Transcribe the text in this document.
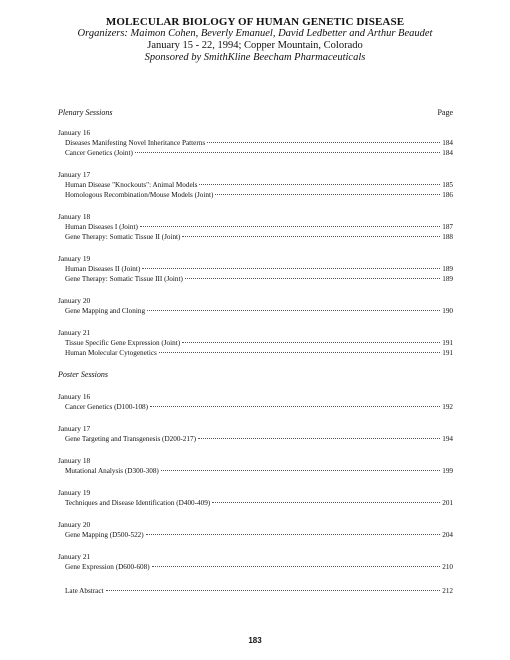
MOLECULAR BIOLOGY OF HUMAN GENETIC DISEASE
Organizers: Maimon Cohen, Beverly Emanuel, David Ledbetter and Arthur Beaudet
January 15 - 22, 1994; Copper Mountain, Colorado
Sponsored by SmithKline Beecham Pharmaceuticals
Plenary Sessions	Page
January 16
Diseases Manifesting Novel Inheritance Patterns	184
Cancer Genetics (Joint)	184
January 17
Human Disease "Knockouts": Animal Models	185
Homologous Recombination/Mouse Models (Joint)	186
January 18
Human Diseases I (Joint)	187
Gene Therapy: Somatic Tissue II (Joint)	188
January 19
Human Diseases II (Joint)	189
Gene Therapy: Somatic Tissue III (Joint)	189
January 20
Gene Mapping and Cloning	190
January 21
Tissue Specific Gene Expression (Joint)	191
Human Molecular Cytogenetics	191
Poster Sessions
January 16
Cancer Genetics (D100-108)	192
January 17
Gene Targeting and Transgenesis (D200-217)	194
January 18
Mutational Analysis (D300-308)	199
January 19
Techniques and Disease Identification (D400-409)	201
January 20
Gene Mapping (D500-522)	204
January 21
Gene Expression (D600-608)	210
Late Abstract	212
183
